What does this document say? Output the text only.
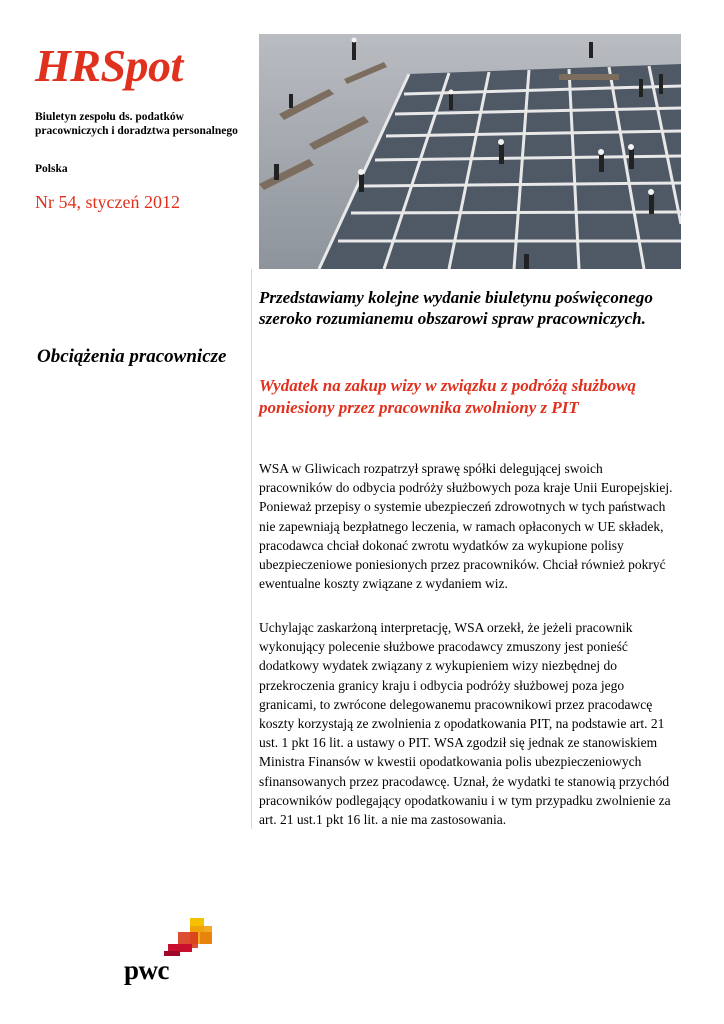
HRSpot
Biuletyn zespołu ds. podatków pracowniczych i doradztwa personalnego
Polska
Nr 54, styczeń 2012
Obciążenia pracownicze
Przedstawiamy kolejne wydanie biuletynu poświęconego szeroko rozumianemu obszarowi spraw pracowniczych.
Wydatek na zakup wizy w związku z podróżą służbową poniesiony przez pracownika zwolniony z PIT

WSA w Gliwicach rozpatrzył sprawę spółki delegującej swoich pracowników do odbycia podróży służbowych poza kraje Unii Europejskiej. Ponieważ przepisy o systemie ubezpieczeń zdrowotnych w tych państwach nie zapewniają bezpłatnego leczenia, w ramach opłaconych w UE składek, pracodawca chciał dokonać zwrotu wydatków za wykupione polisy ubezpieczeniowe poniesionych przez pracowników. Chciał również pokryć ewentualne koszty związane z wydaniem wiz.

Uchylając zaskarżoną interpretację, WSA orzekł, że jeżeli pracownik wykonujący polecenie służbowe pracodawcy zmuszony jest ponieść dodatkowy wydatek związany z wykupieniem wizy niezbędnej do przekroczenia granicy kraju i odbycia podróży służbowej poza jego granicami, to zwrócone delegowanemu pracownikowi przez pracodawcę koszty korzystają ze zwolnienia z opodatkowania PIT, na podstawie art. 21 ust. 1 pkt 16 lit. a ustawy o PIT. WSA zgodził się jednak ze stanowiskiem Ministra Finansów w kwestii opodatkowania polis ubezpieczeniowych sfinansowanych przez pracodawcę. Uznał, że wydatki te stanowią przychód pracowników podlegający opodatkowaniu i w tym przypadku zwolnienie za art. 21 ust.1 pkt 16 lit. a nie ma zastosowania.

pwc
